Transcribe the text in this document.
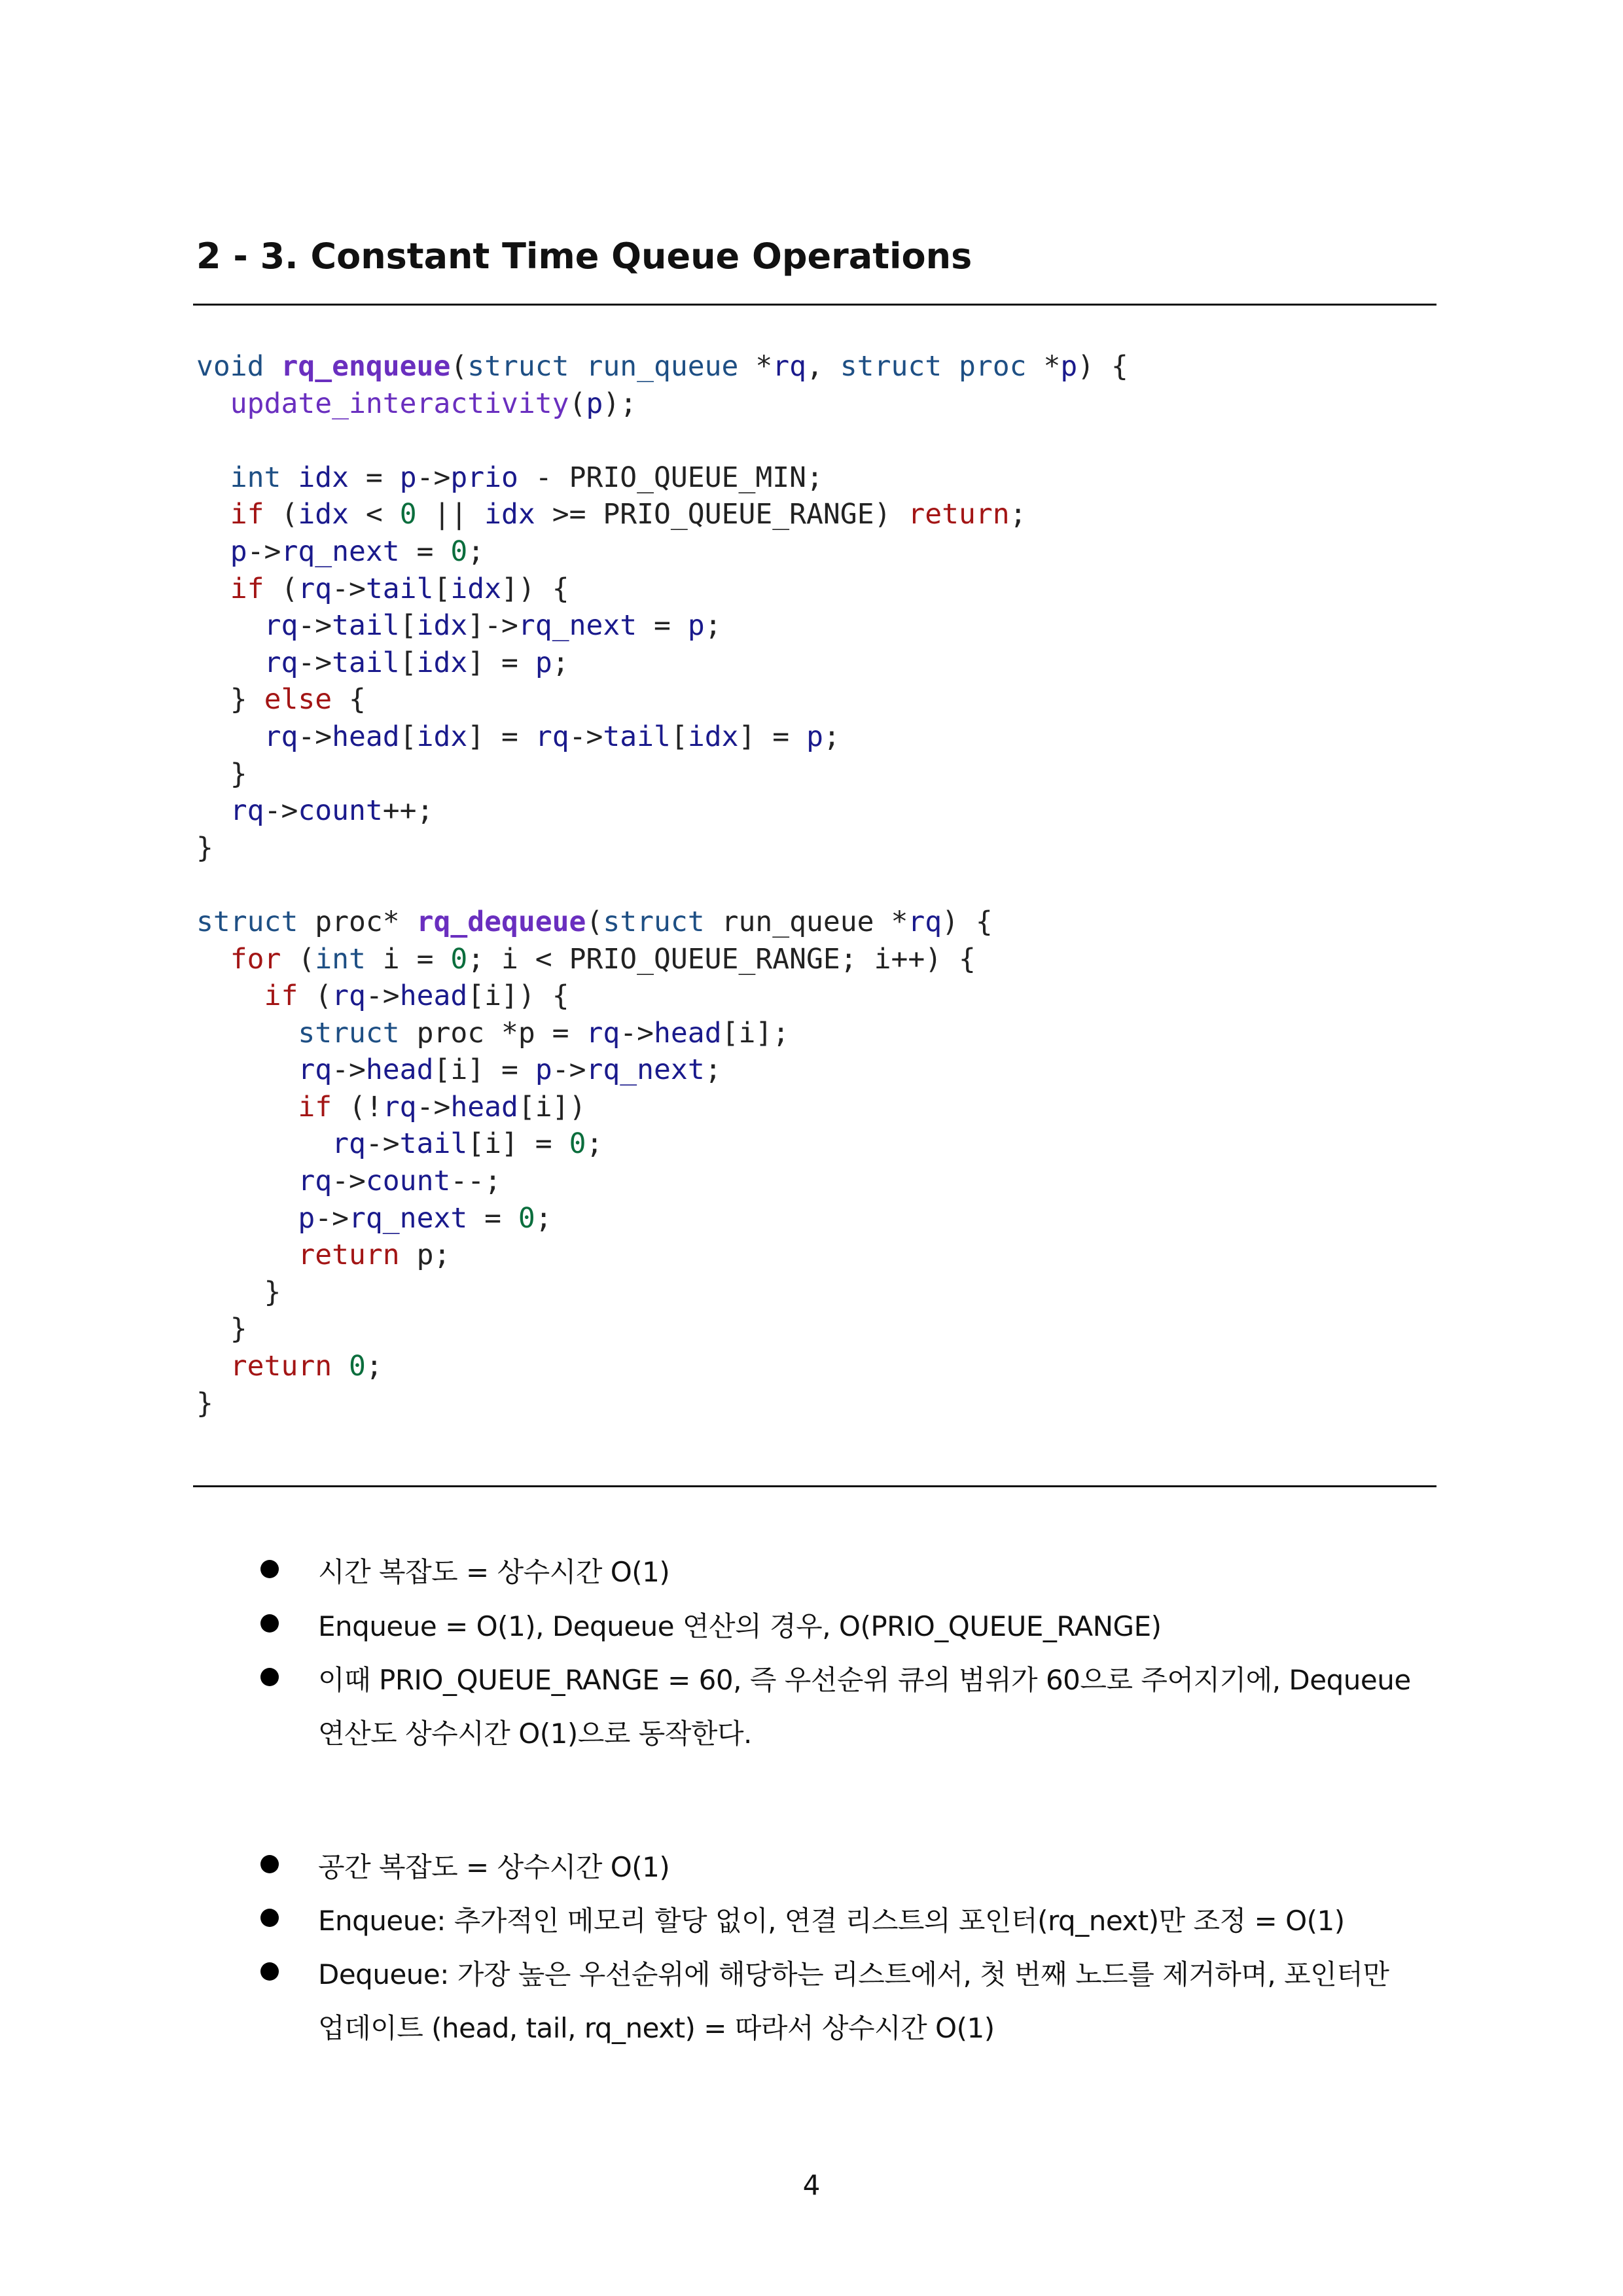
2 - 3. Constant Time Queue Operations
void rq_enqueue(struct run_queue *rq, struct proc *p) {
update_interactivity(p);
int idx = p->prio - PRIO_QUEUE_MIN;
if (idx < 0 || idx >= PRIO_QUEUE_RANGE) return;
p->rq_next = 0;
if (rq->tail[idx]) {
rq->tail[idx]->rq_next = p;
rq->tail[idx] = p;
} else {
rq->head[idx] = rq->tail[idx] = p;
}
rq->count++;
}
struct proc* rq_dequeue(struct run_queue *rq) {
for (int i = 0; i < PRIO_QUEUE_RANGE; i++) {
if (rq->head[i]) {
struct proc *p = rq->head[i];
rq->head[i] = p->rq_next;
if (!rq->head[i])
rq->tail[i] = 0;
rq->count--;
p->rq_next = 0;
return p;
}
}
return 0;
}
시간 복잡도 = 상수시간 O(1)
Enqueue = O(1), Dequeue 연산의 경우, O(PRIO_QUEUE_RANGE)
이때 PRIO_QUEUE_RANGE = 60, 즉 우선순위 큐의 범위가 60으로 주어지기에, Dequeue
연산도 상수시간 O(1)으로 동작한다.
공간 복잡도 = 상수시간 O(1)
Enqueue: 추가적인 메모리 할당 없이, 연결 리스트의 포인터(rq_next)만 조정 = O(1)
Dequeue: 가장 높은 우선순위에 해당하는 리스트에서, 첫 번째 노드를 제거하며, 포인터만
업데이트 (head, tail, rq_next) = 따라서 상수시간 O(1)
4
